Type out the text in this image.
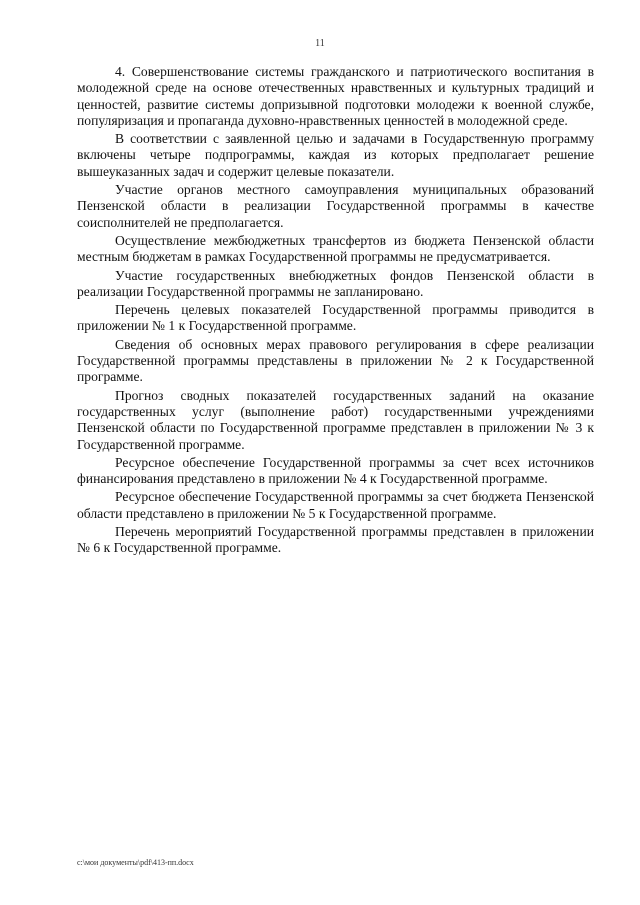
11

4. Совершенствование системы гражданского и патриотического воспитания в молодежной среде на основе отечественных нравственных и культурных традиций и ценностей, развитие системы допризывной подготовки молодежи к военной службе, популяризация и пропаганда духовно-нравственных ценностей в молодежной среде.

В соответствии с заявленной целью и задачами в Государственную программу включены четыре подпрограммы, каждая из которых предполагает решение вышеуказанных задач и содержит целевые показатели.

Участие органов местного самоуправления муниципальных образований Пензенской области в реализации Государственной программы в качестве соисполнителей не предполагается.

Осуществление межбюджетных трансфертов из бюджета Пензенской области местным бюджетам в рамках Государственной программы не предусматривается.

Участие государственных внебюджетных фондов Пензенской области в реализации Государственной программы не запланировано.

Перечень целевых показателей Государственной программы приводится в приложении № 1 к Государственной программе.

Сведения об основных мерах правового регулирования в сфере реализации Государственной программы представлены в приложении № 2 к Государственной программе.

Прогноз сводных показателей государственных заданий на оказание государственных услуг (выполнение работ) государственными учреждениями Пензенской области по Государственной программе представлен в приложении № 3 к Государственной программе.

Ресурсное обеспечение Государственной программы за счет всех источников финансирования представлено в приложении № 4 к Государственной программе.

Ресурсное обеспечение Государственной программы за счет бюджета Пензенской области представлено в приложении № 5 к Государственной программе.

Перечень мероприятий Государственной программы представлен в приложении № 6 к Государственной программе.

c:\мои документы\pdf\413-пп.docx
